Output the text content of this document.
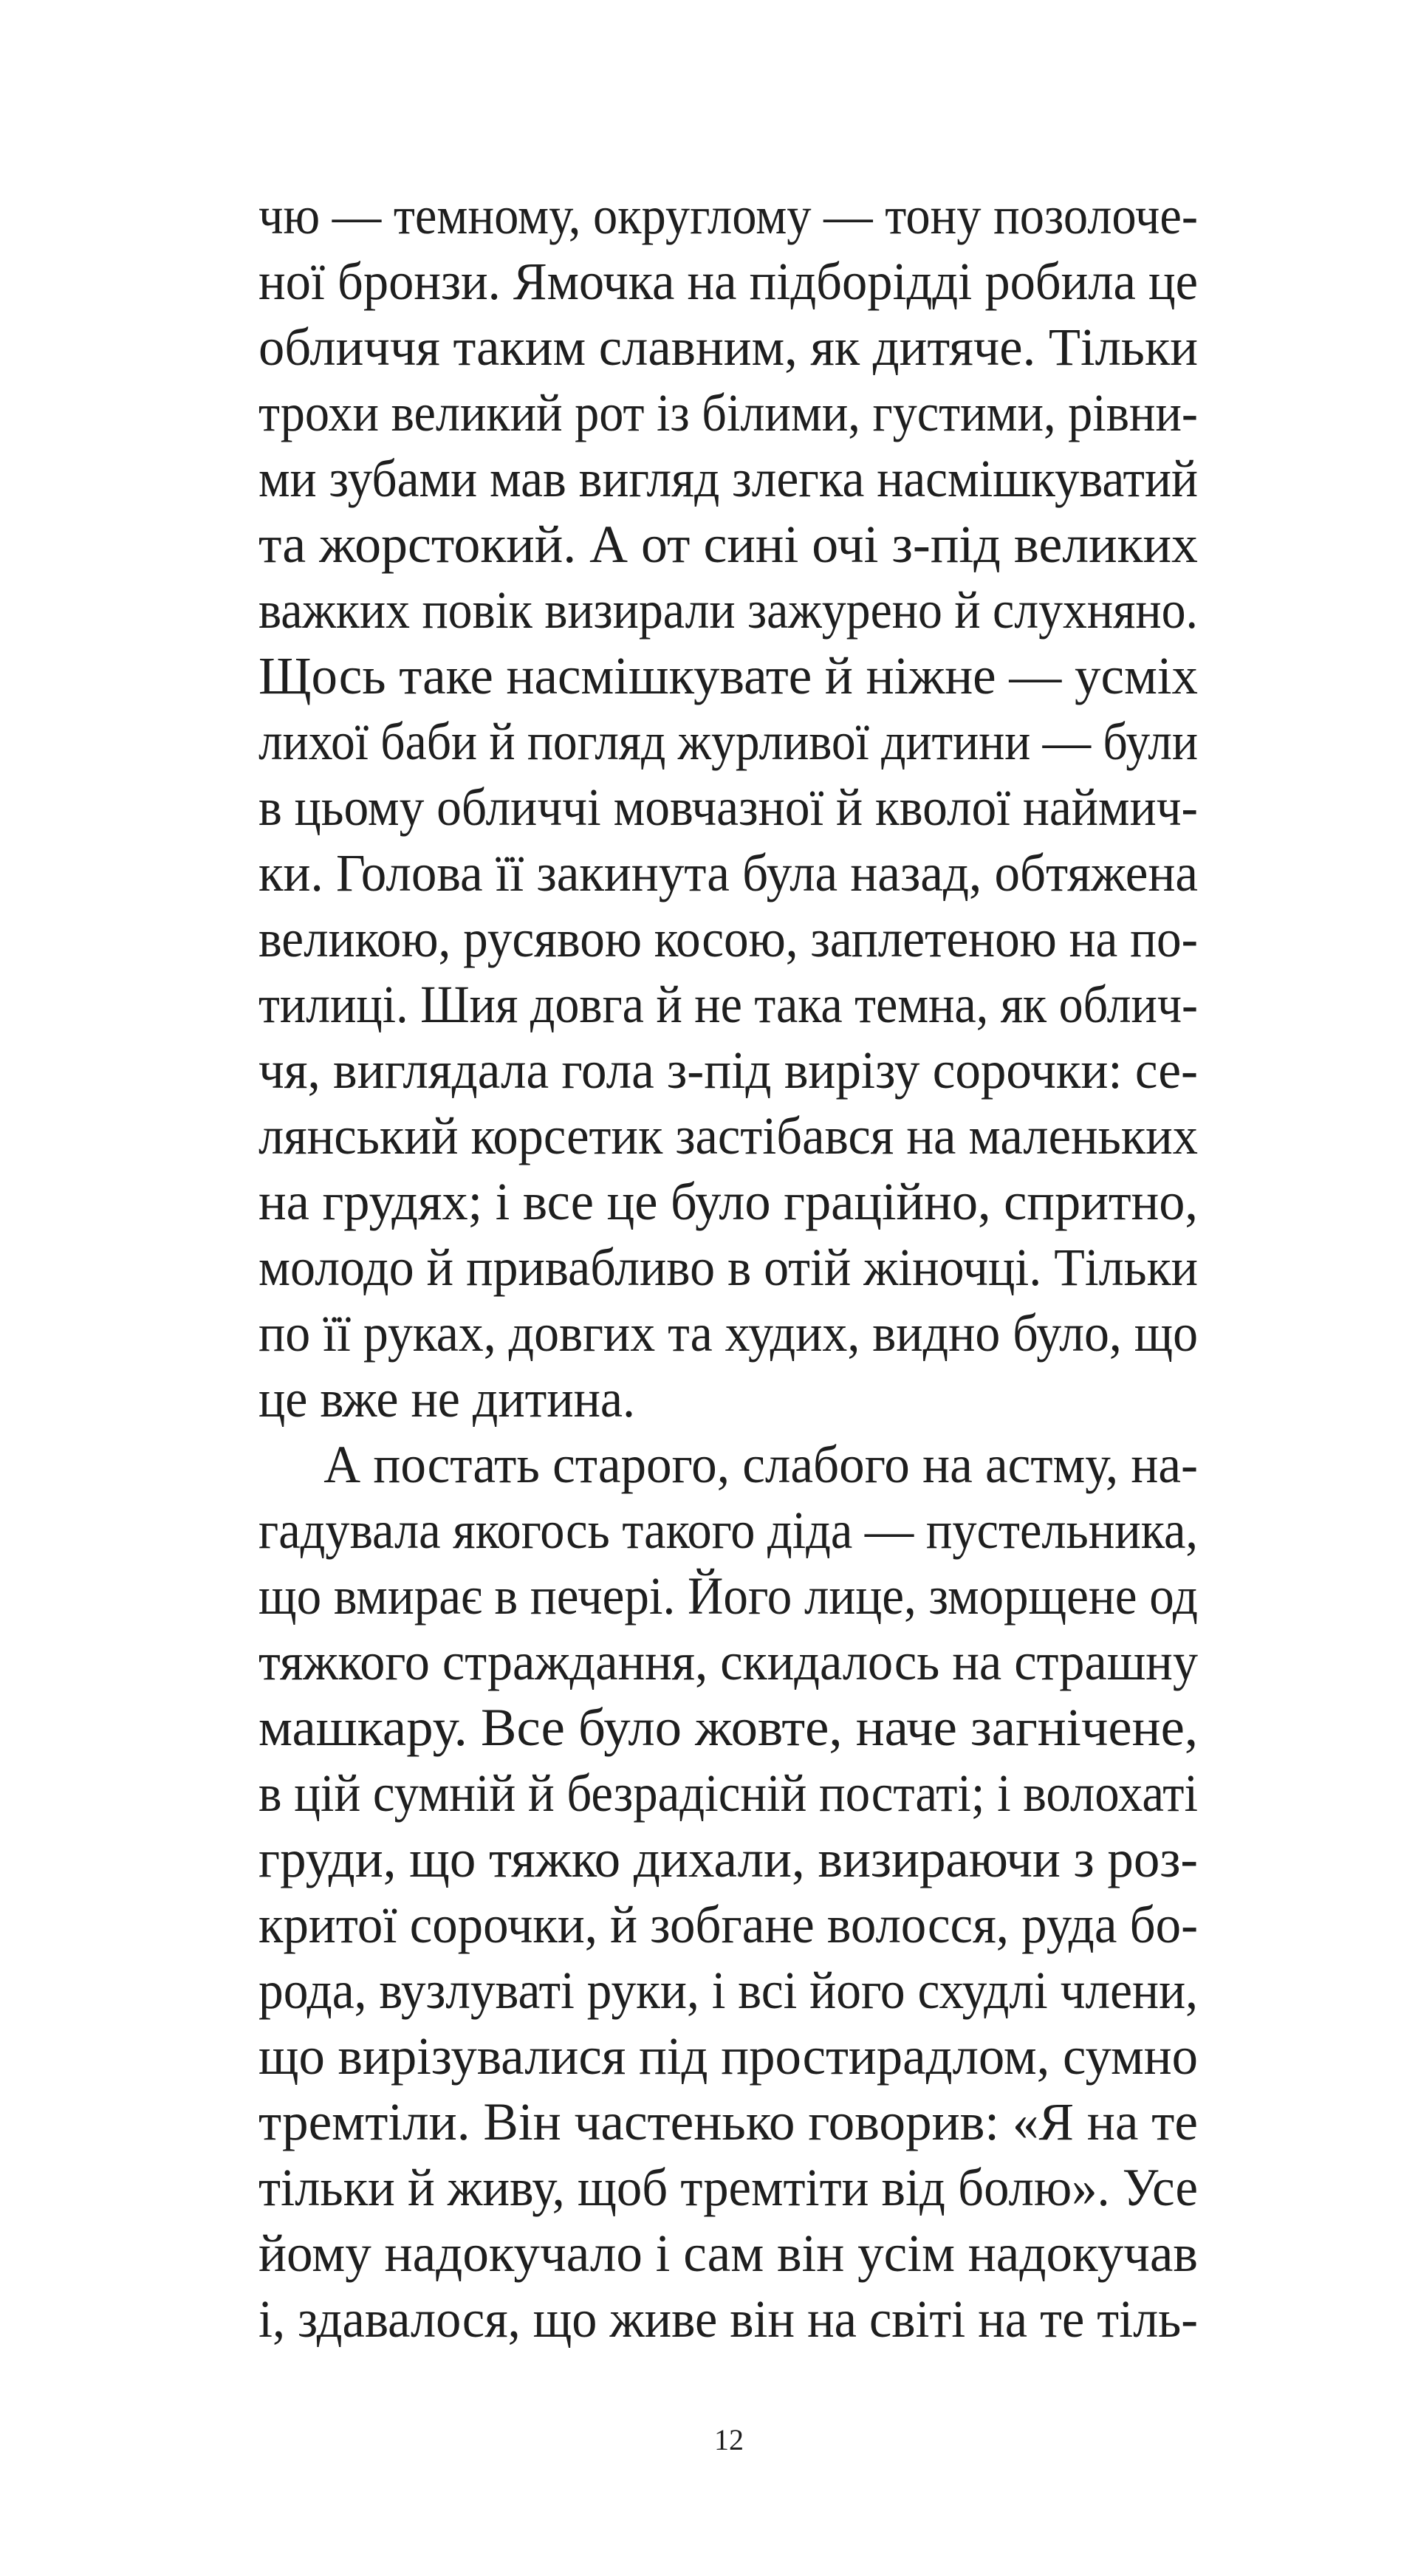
чю — темному, округлому — тону позолоче-
ної бронзи. Ямочка на підборідді робила це
обличчя таким славним, як дитяче. Тільки
трохи великий рот із білими, густими, рівни-
ми зубами мав вигляд злегка насмішкуватий
та жорстокий. А от сині очі з-під великих
важких повік визирали зажурено й слухняно.
Щось таке насмішкувате й ніжне — усміх
лихої баби й погляд журливої дитини — були
в цьому обличчі мовчазної й кволої наймич-
ки. Голова її закинута була назад, обтяжена
великою, русявою косою, заплетеною на по-
тилиці. Шия довга й не така темна, як облич-
чя, виглядала гола з-під вирізу сорочки: се-
лянський корсетик застібався на маленьких
на грудях; і все це було граційно, спритно,
молодо й привабливо в отій жіночці. Тільки
по її руках, довгих та худих, видно було, що
це вже не дитина.
А постать старого, слабого на астму, на-
гадувала якогось такого діда — пустельника,
що вмирає в печері. Його лице, зморщене од
тяжкого страждання, скидалось на страшну
машкару. Все було жовте, наче загнічене,
в цій сумній й безрадісній постаті; і волохаті
груди, що тяжко дихали, визираючи з роз-
критої сорочки, й зобгане волосся, руда бо-
рода, вузлуваті руки, і всі його схудлі члени,
що вирізувалися під простирадлом, сумно
тремтіли. Він частенько говорив: «Я на те
тільки й живу, щоб тремтіти від болю». Усе
йому надокучало і сам він усім надокучав
і, здавалося, що живе він на світі на те тіль-
12
